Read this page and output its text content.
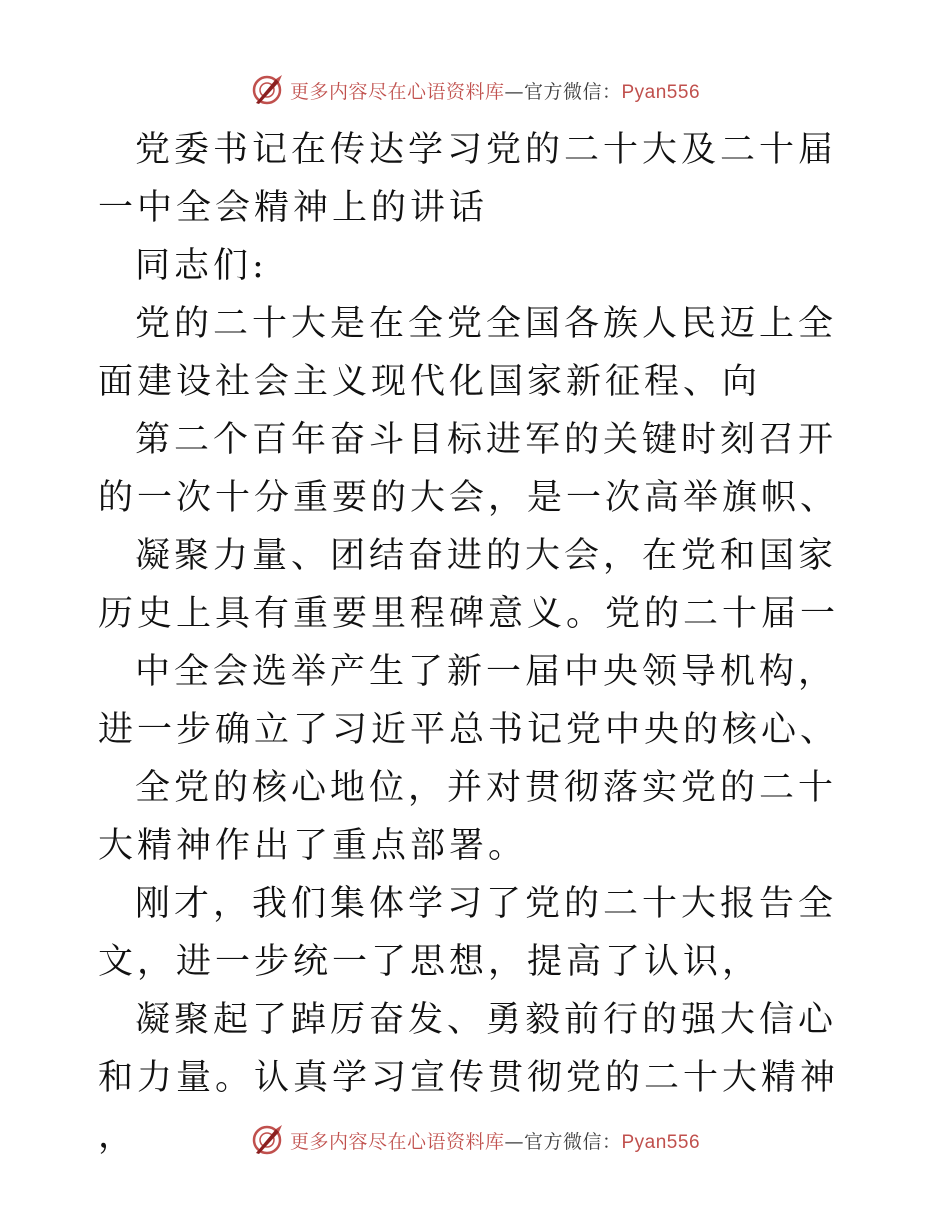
更多内容尽在心语资料库—官方微信：Pyan556

党委书记在传达学习党的二十大及二十届一中全会精神上的讲话

同志们:

党的二十大是在全党全国各族人民迈上全面建设社会主义现代化国家新征程、向

第二个百年奋斗目标进军的关键时刻召开的一次十分重要的大会，是一次高举旗帜、

凝聚力量、团结奋进的大会，在党和国家历史上具有重要里程碑意义。党的二十届一

中全会选举产生了新一届中央领导机构，进一步确立了习近平总书记党中央的核心、

全党的核心地位，并对贯彻落实党的二十大精神作出了重点部署。

刚才，我们集体学习了党的二十大报告全文，进一步统一了思想，提高了认识，

凝聚起了踔厉奋发、勇毅前行的强大信心和力量。认真学习宣传贯彻党的二十大精神 ，	更多内容尽在心语资料库—官方微信：Pyan556
